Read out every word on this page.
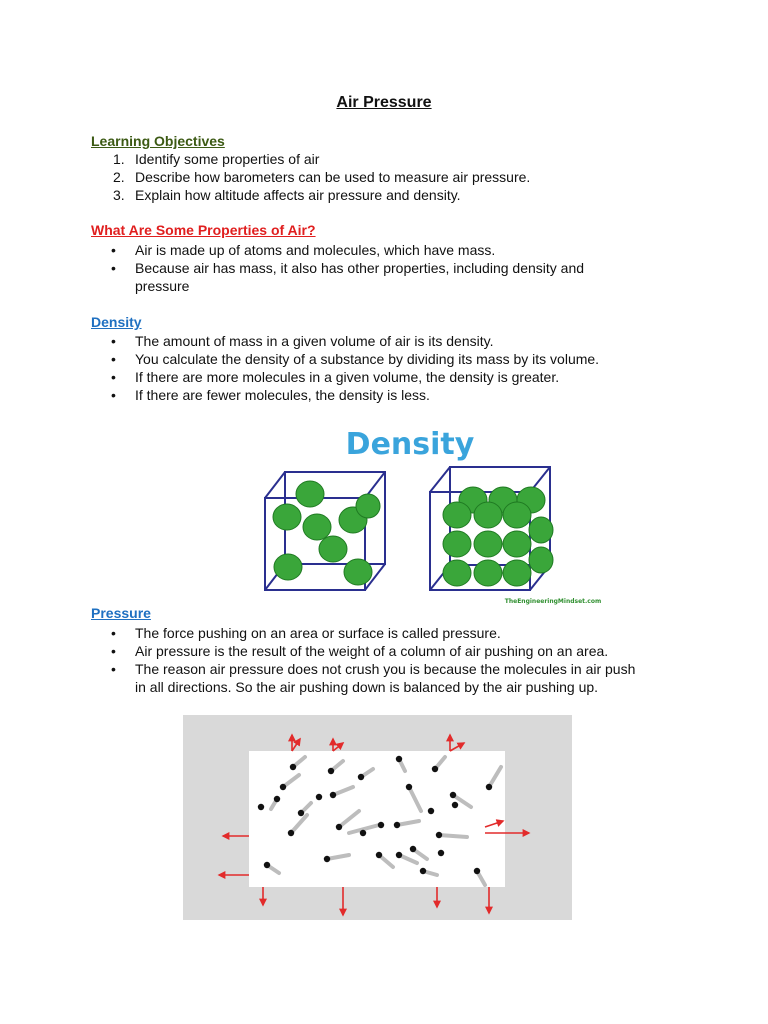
Air Pressure
Learning Objectives
1. Identify some properties of air
2. Describe how barometers can be used to measure air pressure.
3. Explain how altitude affects air pressure and density.
What Are Some Properties of Air?
• Air is made up of atoms and molecules, which have mass.
• Because air has mass, it also has other properties, including density and
pressure
Density
• The amount of mass in a given volume of air is its density.
• You calculate the density of a substance by dividing its mass by its volume.
• If there are more molecules in a given volume, the density is greater.
• If there are fewer molecules, the density is less.
Density
TheEngineeringMindset.com
Pressure
• The force pushing on an area or surface is called pressure.
• Air pressure is the result of the weight of a column of air pushing on an area.
• The reason air pressure does not crush you is because the molecules in air push
in all directions. So the air pushing down is balanced by the air pushing up.
